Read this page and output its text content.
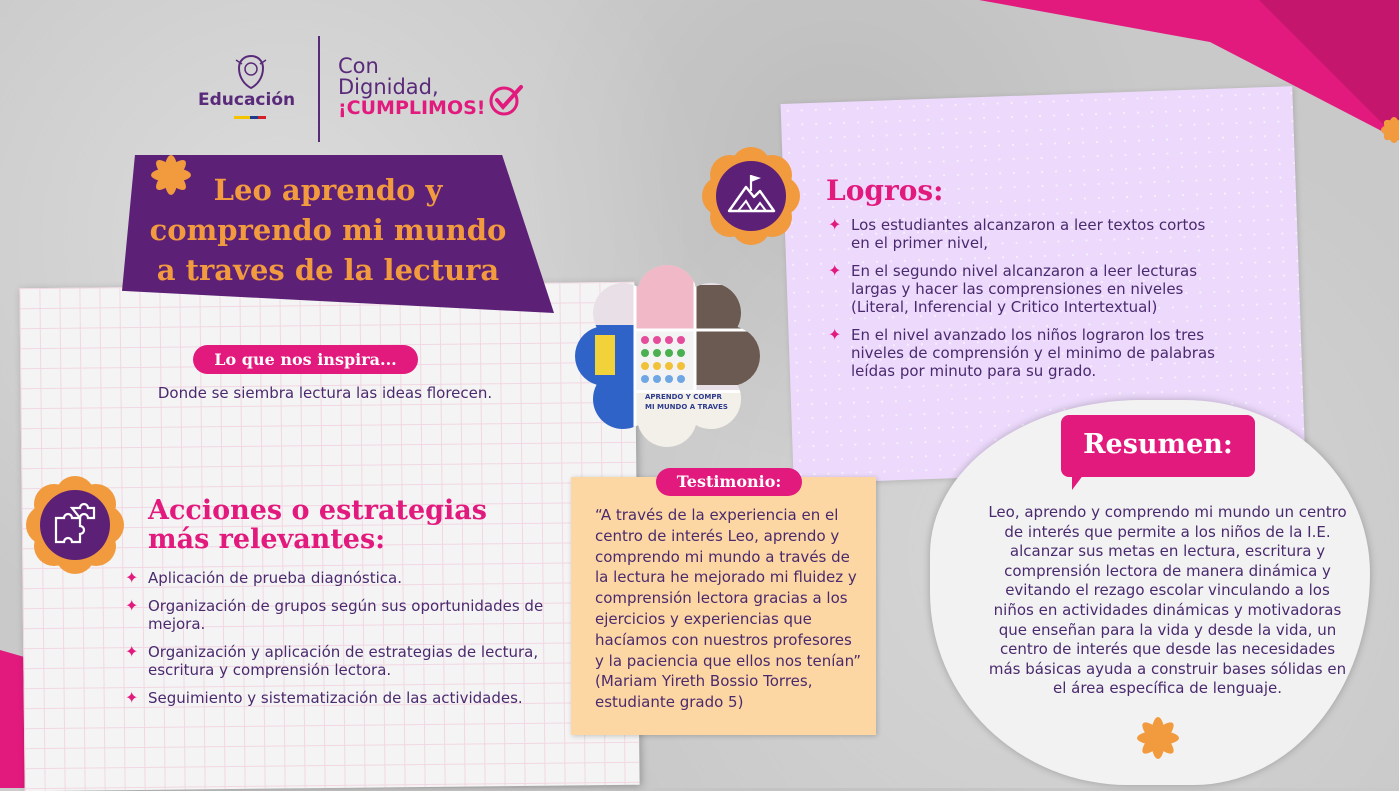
Educación
Con
Dignidad,
¡CUMPLIMOS!
Leo aprendo y comprendo mi mundo a traves de la lectura
Lo que nos inspira...
Donde se siembra lectura las ideas florecen.
Acciones o estrategias
más relevantes:
✦ Aplicación de prueba diagnóstica.
✦ Organización de grupos según sus oportunidades de mejora.
✦ Organización y aplicación de estrategias de lectura, escritura y comprensión lectora.
✦ Seguimiento y sistematización de las actividades.
APRENDO Y COMPR
MI MUNDO A TRAVES
Logros:
✦ Los estudiantes alcanzaron a leer textos cortos en el primer nivel,
✦ En el segundo nivel alcanzaron a leer lecturas largas y hacer las comprensiones en niveles (Literal, Inferencial y Critico Intertextual)
✦ En el nivel avanzado los niños lograron los tres niveles de comprensión y el minimo de palabras leídas por minuto para su grado.
Resumen:
Leo, aprendo y comprendo mi mundo un centro de interés que permite a los niños de la I.E. alcanzar sus metas en lectura, escritura y comprensión lectora de manera dinámica y evitando el rezago escolar vinculando a los niños en actividades dinámicas y motivadoras que enseñan para la vida y desde la vida, un centro de interés que desde las necesidades más básicas ayuda a construir bases sólidas en el área específica de lenguaje.
Testimonio:
“A través de la experiencia en el centro de interés Leo, aprendo y comprendo mi mundo a través de la lectura he mejorado mi fluidez y comprensión lectora gracias a los ejercicios y experiencias que hacíamos con nuestros profesores y la paciencia que ellos nos tenían” (Mariam Yireth Bossio Torres, estudiante grado 5)
